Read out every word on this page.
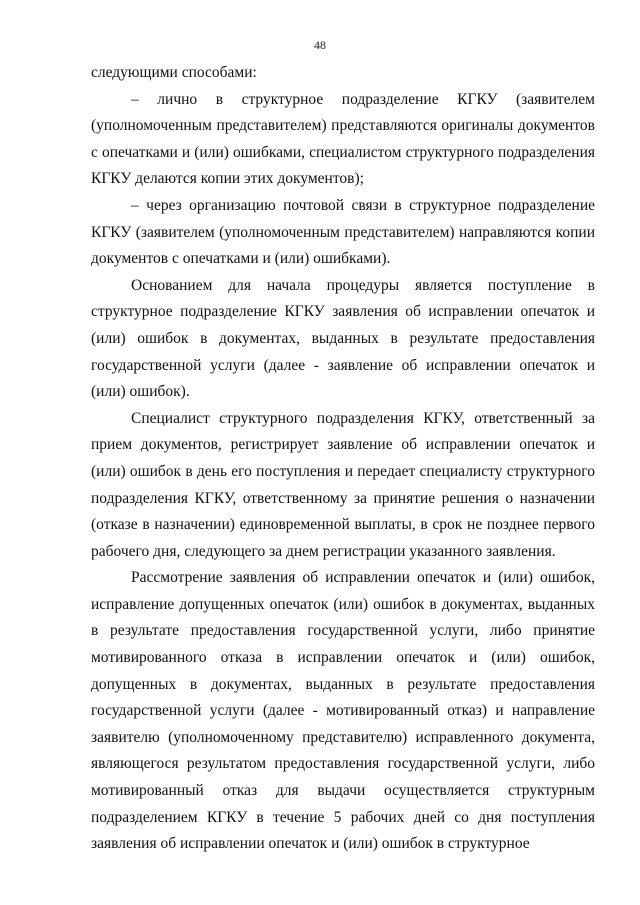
48

следующими способами:

– лично в структурное подразделение КГКУ (заявителем (уполномоченным представителем) представляются оригиналы документов с опечатками и (или) ошибками, специалистом структурного подразделения КГКУ делаются копии этих документов);

– через организацию почтовой связи в структурное подразделение КГКУ (заявителем (уполномоченным представителем) направляются копии документов с опечатками и (или) ошибками).

Основанием для начала процедуры является поступление в структурное подразделение КГКУ заявления об исправлении опечаток и (или) ошибок в документах, выданных в результате предоставления государственной услуги (далее - заявление об исправлении опечаток и (или) ошибок).

Специалист структурного подразделения КГКУ, ответственный за прием документов, регистрирует заявление об исправлении опечаток и (или) ошибок в день его поступления и передает специалисту структурного подразделения КГКУ, ответственному за принятие решения о назначении (отказе в назначении) единовременной выплаты, в срок не позднее первого рабочего дня, следующего за днем регистрации указанного заявления.

Рассмотрение заявления об исправлении опечаток и (или) ошибок, исправление допущенных опечаток (или) ошибок в документах, выданных в результате предоставления государственной услуги, либо принятие мотивированного отказа в исправлении опечаток и (или) ошибок, допущенных в документах, выданных в результате предоставления государственной услуги (далее - мотивированный отказ) и направление заявителю (уполномоченному представителю) исправленного документа, являющегося результатом предоставления государственной услуги, либо мотивированный отказ для выдачи осуществляется структурным подразделением КГКУ в течение 5 рабочих дней со дня поступления заявления об исправлении опечаток и (или) ошибок в структурное
